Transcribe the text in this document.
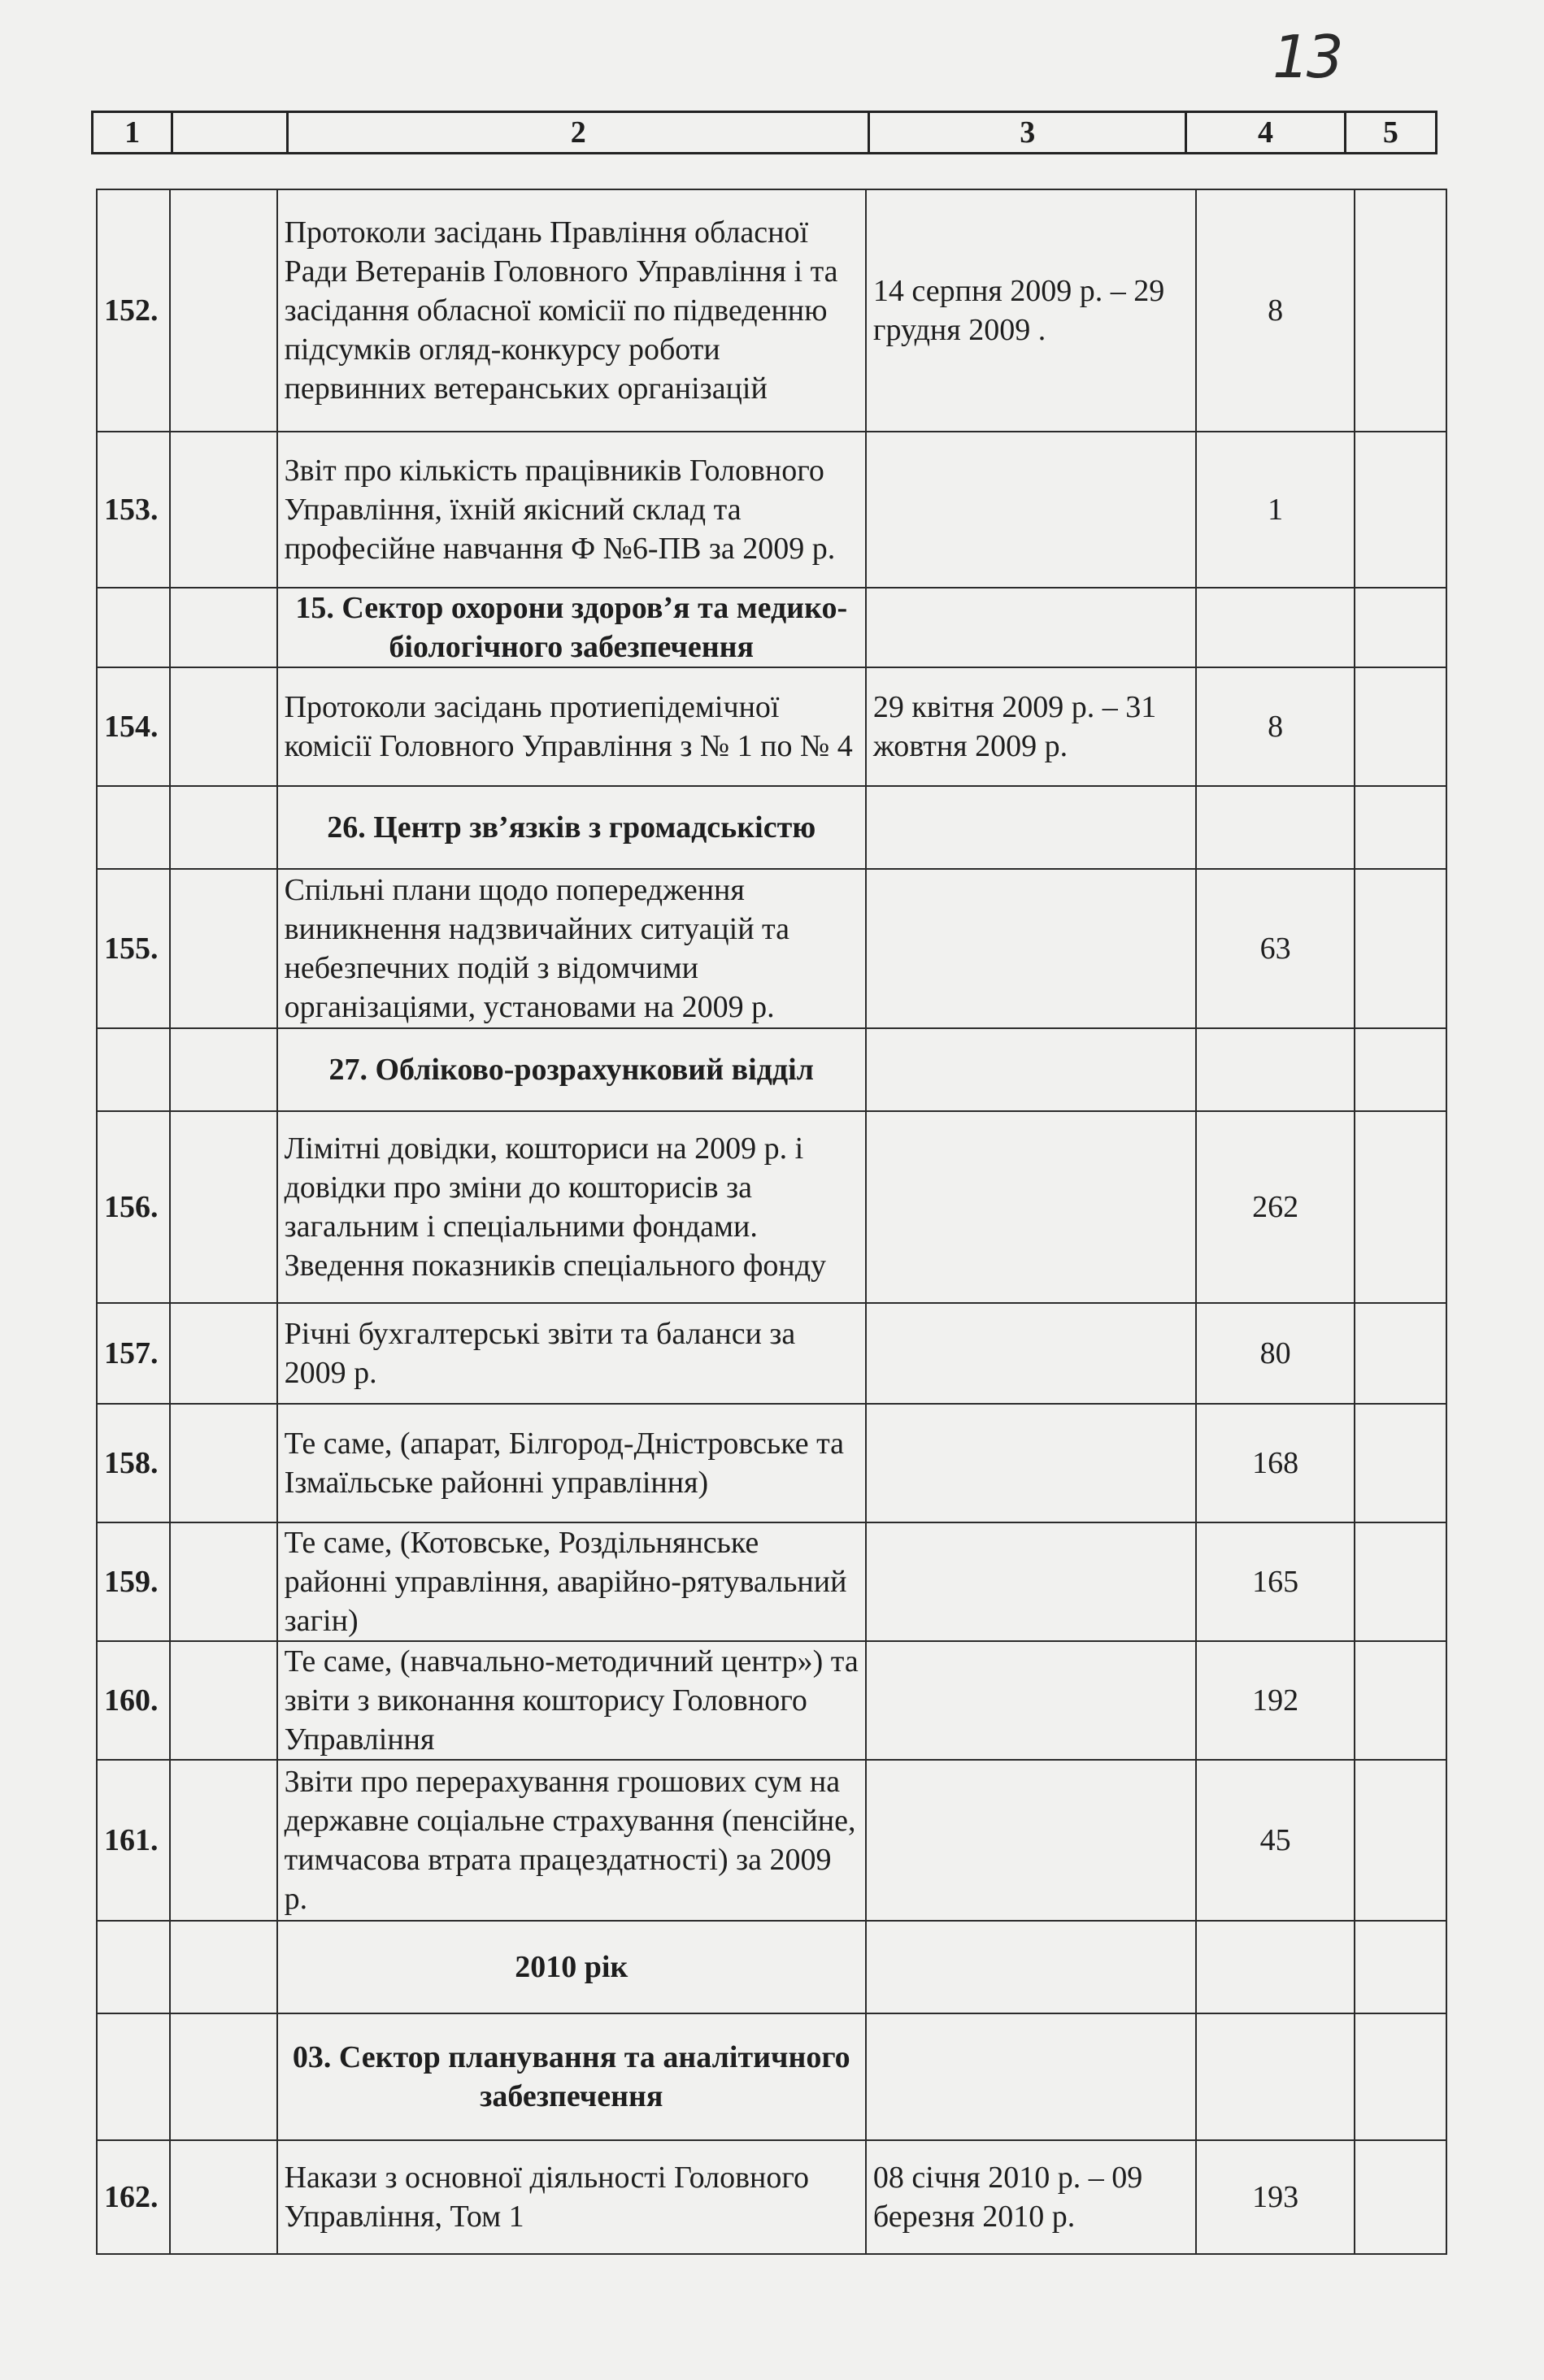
13
1		2	3	4	5
152.		Протоколи засідань Правління обласної Ради Ветеранів Головного Управління і та засідання обласної комісії по підведенню підсумків огляд-конкурсу роботи первинних ветеранських організацій	14 серпня 2009 р. – 29 грудня 2009 .	8	
153.		Звіт про кількість працівників Головного Управління, їхній якісний склад та професійне навчання Ф №6-ПВ за 2009 р.		1	
		15. Сектор охорони здоров’я та медико-біологічного забезпечення			
154.		Протоколи засідань протиепідемічної комісії Головного Управління з № 1 по № 4	29 квітня 2009 р. – 31 жовтня 2009 р.	8	
		26. Центр зв’язків з громадськістю			
155.		Спільні плани щодо попередження виникнення надзвичайних ситуацій та небезпечних подій з відомчими організаціями, установами на 2009 р.		63	
		27. Обліково-розрахунковий відділ			
156.		Лімітні довідки, кошториси на 2009 р. і довідки про зміни до кошторисів за загальним і спеціальними фондами. Зведення показників спеціального фонду		262	
157.		Річні бухгалтерські звіти та баланси за 2009 р.		80	
158.		Те саме, (апарат, Білгород-Дністровське та Ізмаїльське районні управління)		168	
159.		Те саме, (Котовське, Роздільнянське районні управління, аварійно-рятувальний загін)		165	
160.		Те саме, (навчально-методичний центр») та звіти з виконання кошторису Головного Управління		192	
161.		Звіти про перерахування грошових сум на державне соціальне страхування (пенсійне, тимчасова втрата працездатності) за 2009 р.		45	
		2010 рік			
		03. Сектор планування та аналітичного забезпечення			
162.		Накази з основної діяльності Головного Управління, Том 1	08 січня 2010 р. – 09 березня 2010 р.	193	
